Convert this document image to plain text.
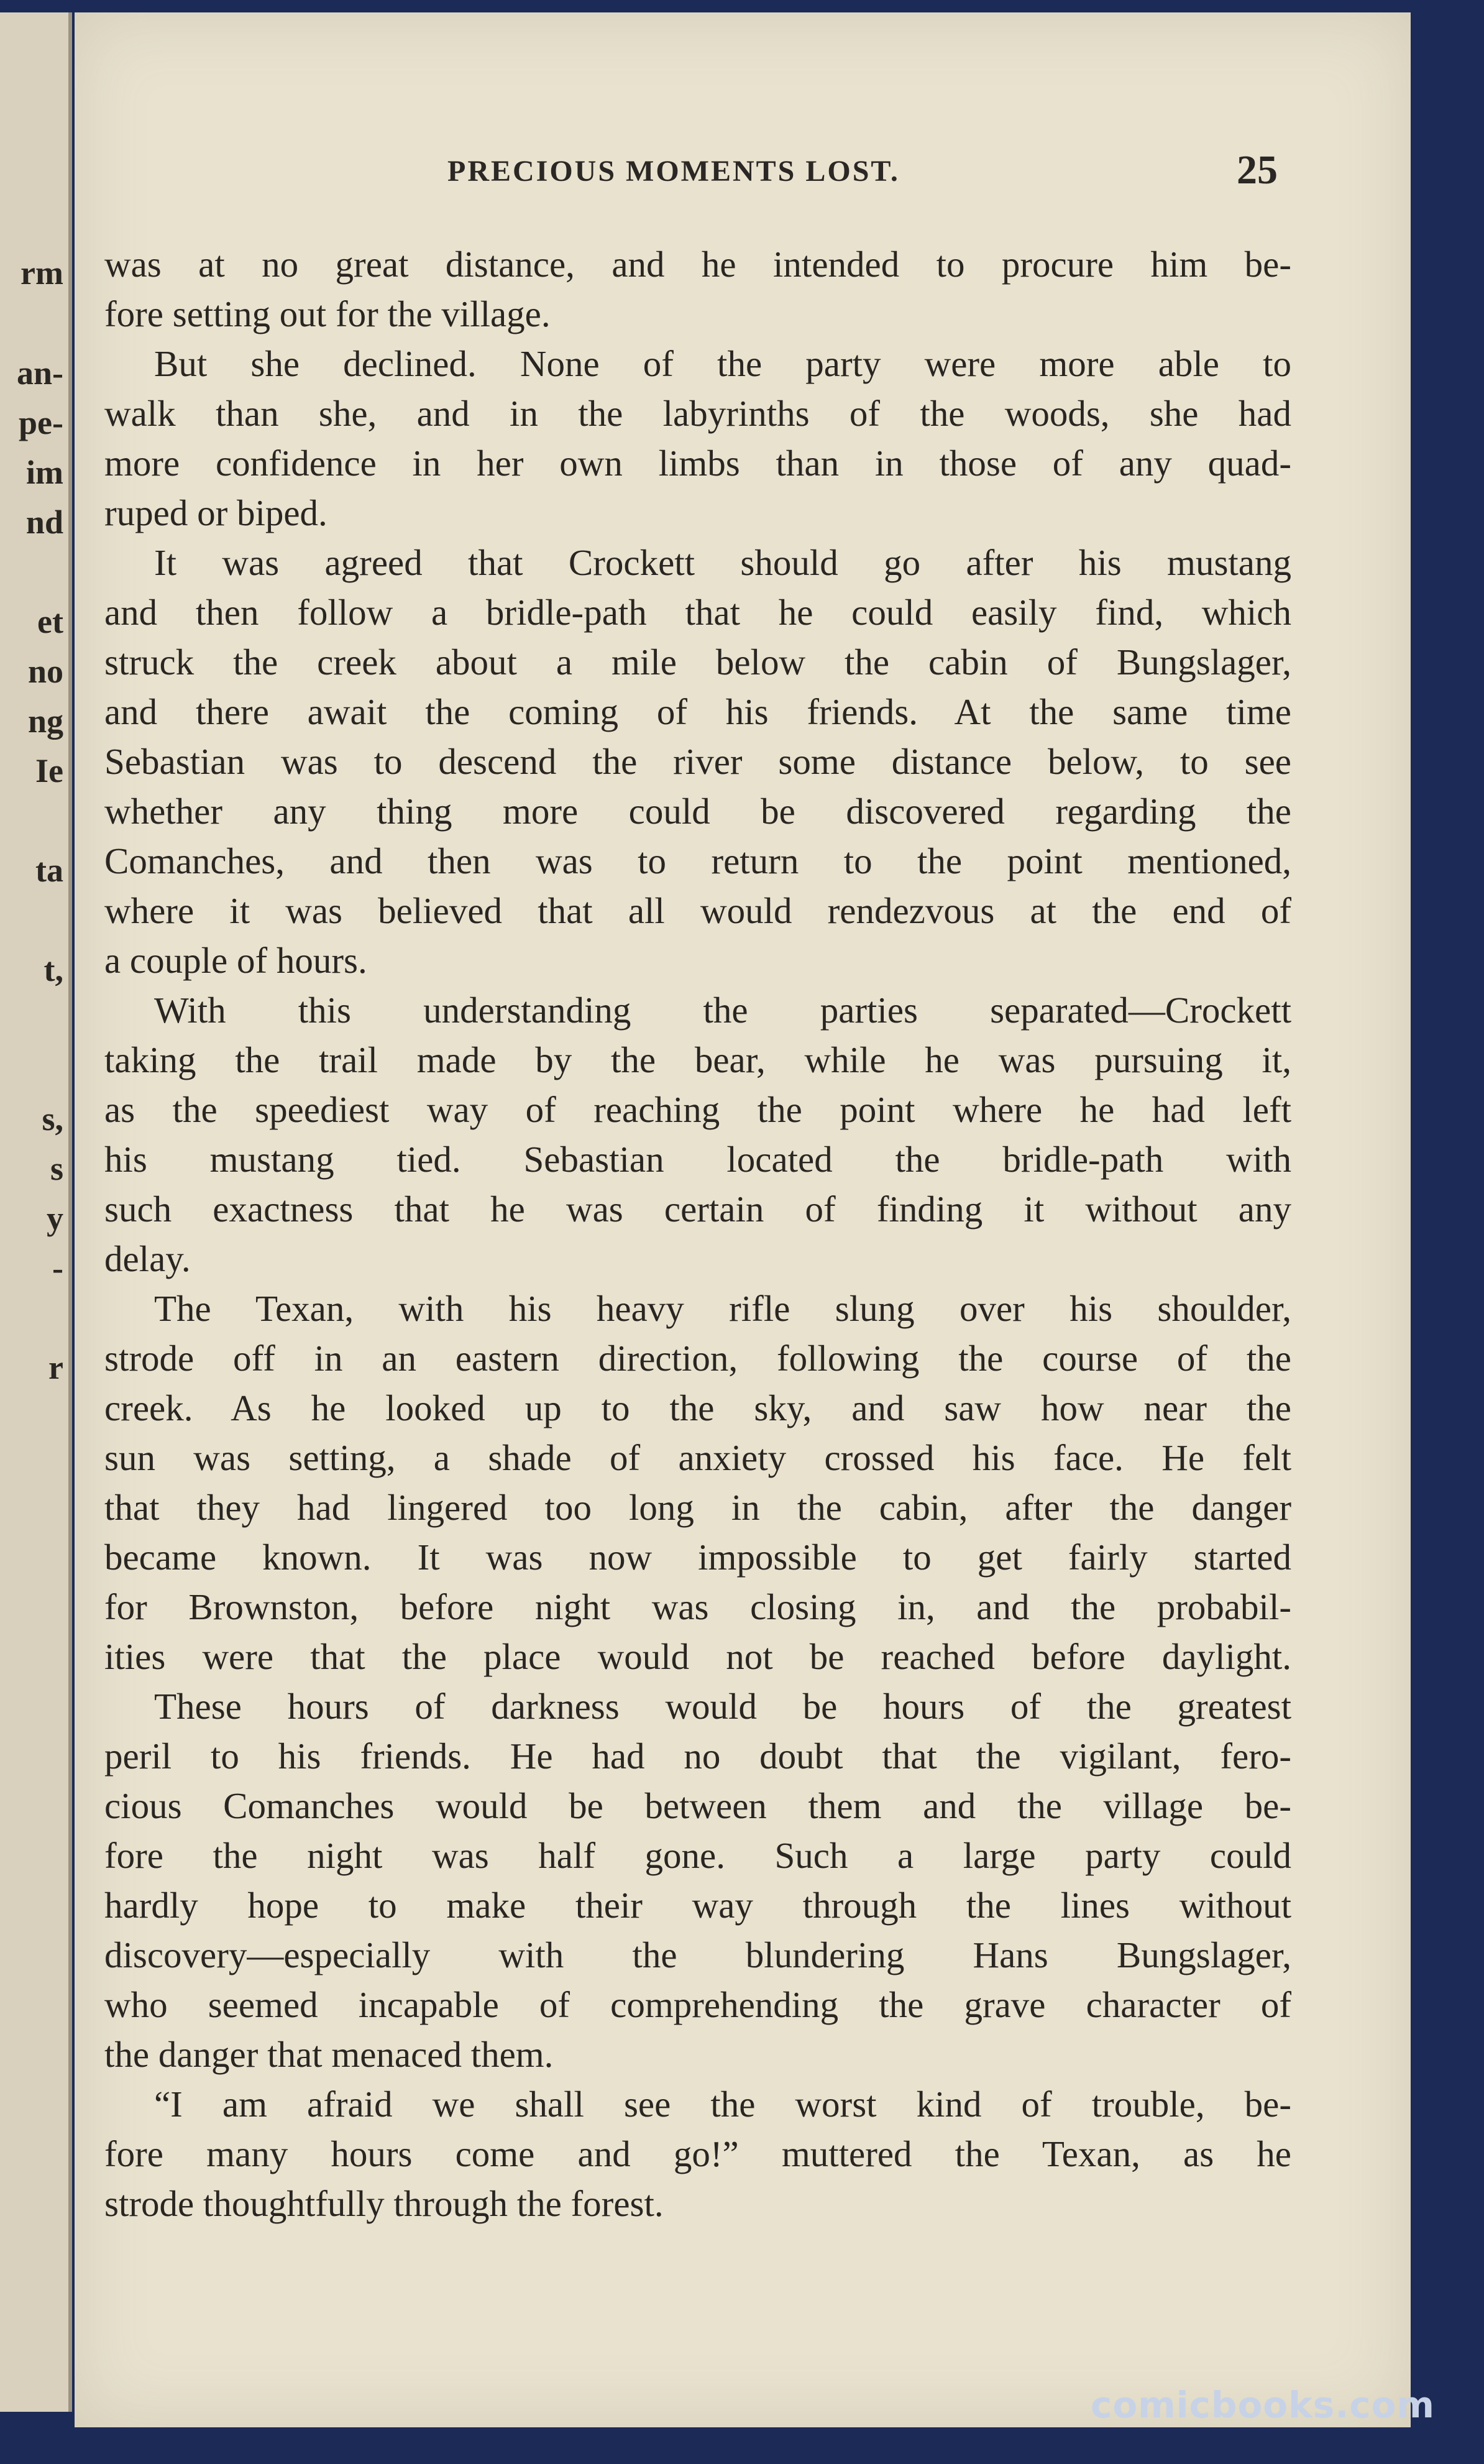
rm
an-
pe-
im
nd
et
no
ng
Ie
ta
t,
s,
s
y
-
r
PRECIOUS MOMENTS LOST.	25
was at no great distance, and he intended to procure him be-
fore setting out for the village.
But she declined. None of the party were more able to
walk than she, and in the labyrinths of the woods, she had
more confidence in her own limbs than in those of any quad-
ruped or biped.
It was agreed that Crockett should go after his mustang
and then follow a bridle-path that he could easily find, which
struck the creek about a mile below the cabin of Bungslager,
and there await the coming of his friends. At the same time
Sebastian was to descend the river some distance below, to see
whether any thing more could be discovered regarding the
Comanches, and then was to return to the point mentioned,
where it was believed that all would rendezvous at the end of
a couple of hours.
With this understanding the parties separated—Crockett
taking the trail made by the bear, while he was pursuing it,
as the speediest way of reaching the point where he had left
his mustang tied. Sebastian located the bridle-path with
such exactness that he was certain of finding it without any
delay.
The Texan, with his heavy rifle slung over his shoulder,
strode off in an eastern direction, following the course of the
creek. As he looked up to the sky, and saw how near the
sun was setting, a shade of anxiety crossed his face. He felt
that they had lingered too long in the cabin, after the danger
became known. It was now impossible to get fairly started
for Brownston, before night was closing in, and the probabil-
ities were that the place would not be reached before daylight.
These hours of darkness would be hours of the greatest
peril to his friends. He had no doubt that the vigilant, fero-
cious Comanches would be between them and the village be-
fore the night was half gone. Such a large party could
hardly hope to make their way through the lines without
discovery—especially with the blundering Hans Bungslager,
who seemed incapable of comprehending the grave character of
the danger that menaced them.
“I am afraid we shall see the worst kind of trouble, be-
fore many hours come and go!” muttered the Texan, as he
strode thoughtfully through the forest.
comicbooks.com
